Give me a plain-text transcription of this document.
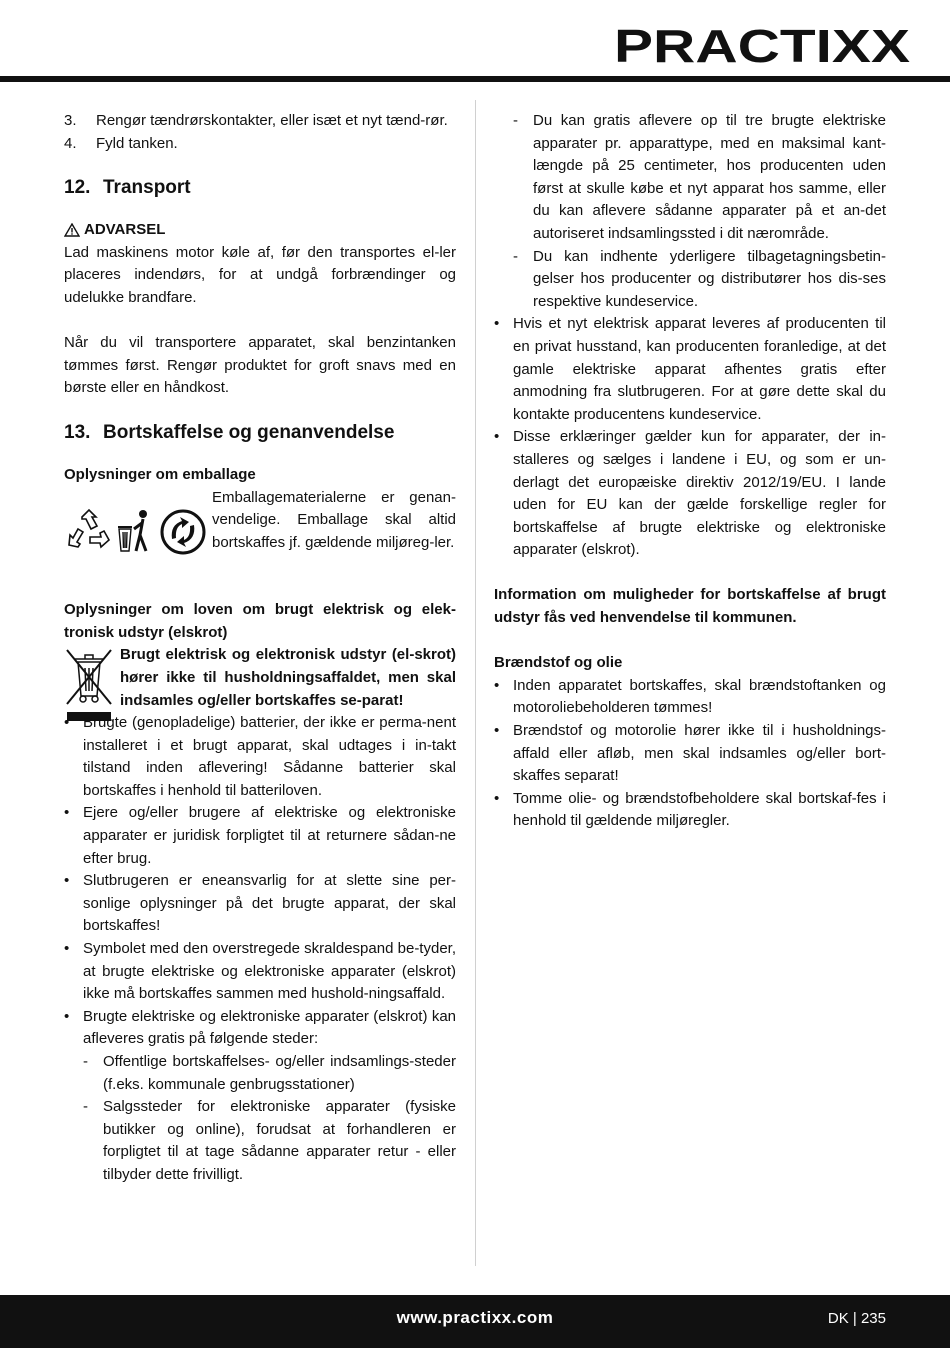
PRACTIXX
3. Rengør tændrørskontakter, eller isæt et nyt tænd-rør.
4. Fyld tanken.
12. Transport
ADVARSEL

Lad maskinens motor køle af, før den transportes el-ler placeres indendørs, for at undgå forbrændinger og udelukke brandfare.

Når du vil transportere apparatet, skal benzintanken tømmes først. Rengør produktet for groft snavs med en børste eller en håndkost.

13. Bortskaffelse og genanvendelse

Oplysninger om emballage

Emballagematerialerne er genan-vendelige. Emballage skal altid bortskaffes jf. gældende miljøreg-ler.

Oplysninger om loven om brugt elektrisk og elek-tronisk udstyr (elskrot)

Brugt elektrisk og elektronisk udstyr (el-skrot) hører ikke til husholdningsaffaldet, men skal indsamles og/eller bortskaffes se-parat!

• Brugte (genopladelige) batterier, der ikke er perma-nent installeret i et brugt apparat, skal udtages i in-takt tilstand inden aflevering! Sådanne batterier skal bortskaffes i henhold til batteriloven.
• Ejere og/eller brugere af elektriske og elektroniske apparater er juridisk forpligtet til at returnere sådan-ne efter brug.
• Slutbrugeren er eneansvarlig for at slette sine per-sonlige oplysninger på det brugte apparat, der skal bortskaffes!
• Symbolet med den overstregede skraldespand be-tyder, at brugte elektriske og elektroniske apparater (elskrot) ikke må bortskaffes sammen med hushold-ningsaffald.
• Brugte elektriske og elektroniske apparater (elskrot) kan afleveres gratis på følgende steder:
- Offentlige bortskaffelses- og/eller indsamlings-steder (f.eks. kommunale genbrugsstationer)
- Salgssteder for elektroniske apparater (fysiske butikker og online), forudsat at forhandleren er forpligtet til at tage sådanne apparater retur - eller tilbyder dette frivilligt.
- Du kan gratis aflevere op til tre brugte elektriske apparater pr. apparattype, med en maksimal kant-længde på 25 centimeter, hos producenten uden først at skulle købe et nyt apparat hos samme, eller du kan aflevere sådanne apparater på et an-det autoriseret indsamlingssted i dit nærområde.
- Du kan indhente yderligere tilbagetagningsbetin-gelser hos producenter og distributører hos dis-ses respektive kundeservice.
• Hvis et nyt elektrisk apparat leveres af producenten til en privat husstand, kan producenten foranledige, at det gamle elektriske apparat afhentes gratis efter anmodning fra slutbrugeren. For at gøre dette skal du kontakte producentens kundeservice.
• Disse erklæringer gælder kun for apparater, der in-stalleres og sælges i landene i EU, og som er un-derlagt det europæiske direktiv 2012/19/EU. I lande uden for EU kan der gælde forskellige regler for bortskaffelse af brugte elektriske og elektroniske apparater (elskrot).

Information om muligheder for bortskaffelse af brugt udstyr fås ved henvendelse til kommunen.

Brændstof og olie

• Inden apparatet bortskaffes, skal brændstoftanken og motoroliebeholderen tømmes!
• Brændstof og motorolie hører ikke til i husholdnings-affald eller afløb, men skal indsamles og/eller bort-skaffes separat!
• Tomme olie- og brændstofbeholdere skal bortskaf-fes i henhold til gældende miljøregler.
www.practixx.com	DK | 235
